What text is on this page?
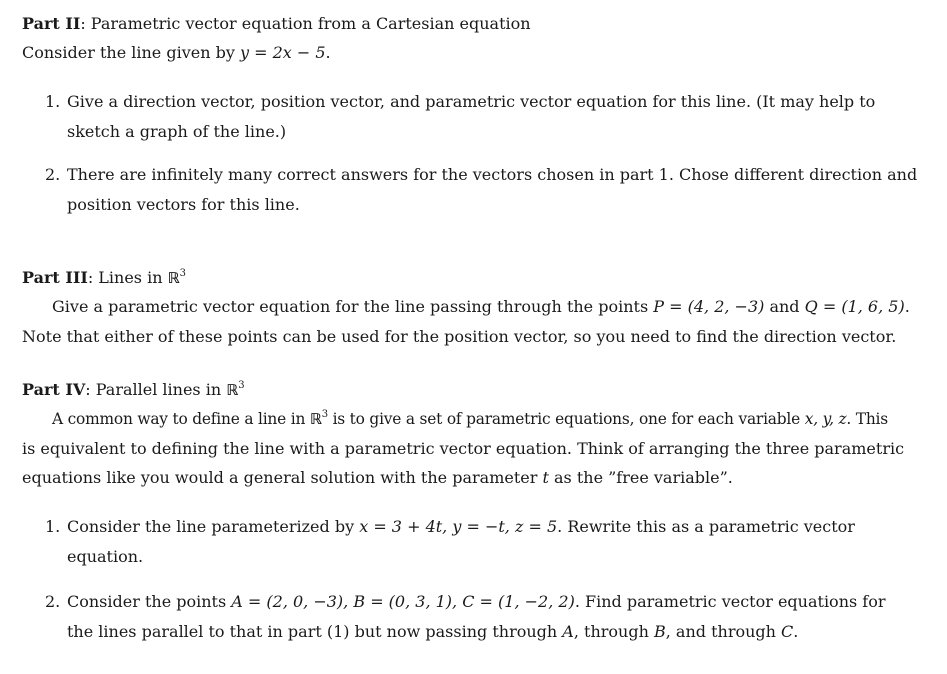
Part II: Parametric vector equation from a Cartesian equation
Consider the line given by y = 2x − 5.
1. Give a direction vector, position vector, and parametric vector equation for this line. (It may help to
sketch a graph of the line.)
2. There are infinitely many correct answers for the vectors chosen in part 1. Chose different direction and
position vectors for this line.
Part III: Lines in ℝ$^3$
Give a parametric vector equation for the line passing through the points P = (4, 2, −3) and Q = (1, 6, 5).
Note that either of these points can be used for the position vector, so you need to find the direction vector.
Part IV: Parallel lines in ℝ$^3$
A common way to define a line in ℝ$^3$ is to give a set of parametric equations, one for each variable x, y, z. This
is equivalent to defining the line with a parametric vector equation. Think of arranging the three parametric
equations like you would a general solution with the parameter t as the ”free variable”.
1. Consider the line parameterized by x = 3 + 4t, y = −t, z = 5. Rewrite this as a parametric vector
equation.
2. Consider the points A = (2, 0, −3), B = (0, 3, 1), C = (1, −2, 2). Find parametric vector equations for
the lines parallel to that in part (1) but now passing through A, through B, and through C.
